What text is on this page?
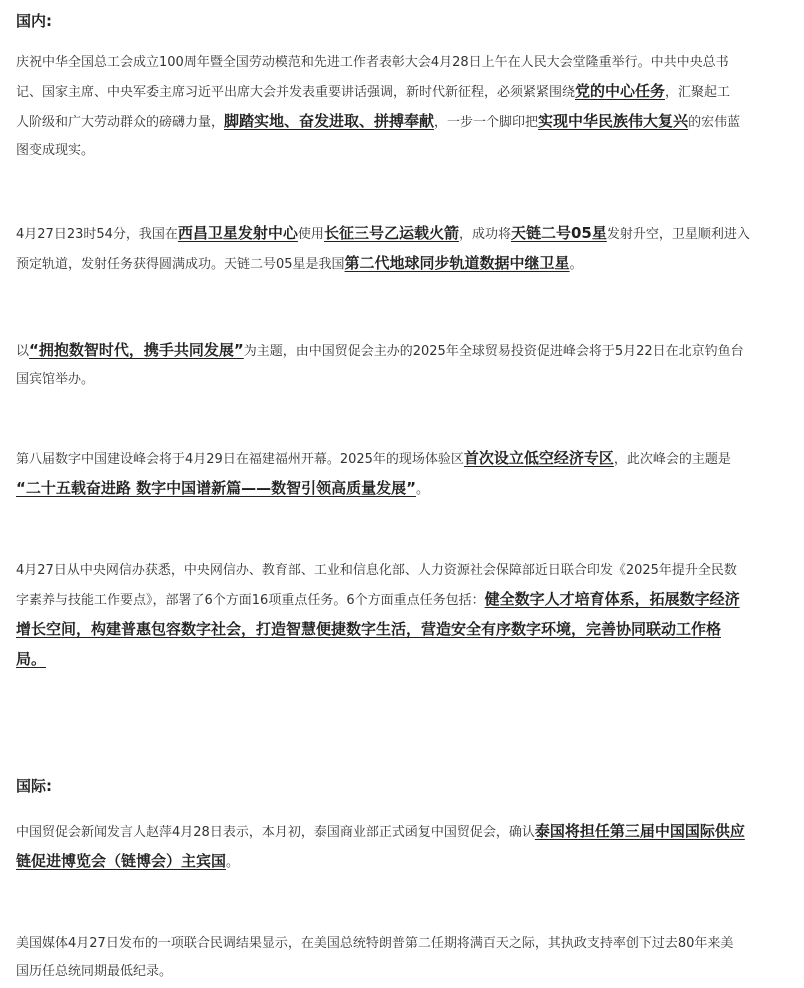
国内:
庆祝中华全国总工会成立100周年暨全国劳动模范和先进工作者表彰大会4月28日上午在人民大会堂隆重举行。中共中央总书
记、国家主席、中央军委主席习近平出席大会并发表重要讲话强调，新时代新征程，必须紧紧围绕党的中心任务，汇聚起工
人阶级和广大劳动群众的磅礴力量，脚踏实地、奋发进取、拼搏奉献，一步一个脚印把实现中华民族伟大复兴的宏伟蓝
图变成现实。
4月27日23时54分，我国在西昌卫星发射中心使用长征三号乙运载火箭，成功将天链二号05星发射升空，卫星顺利进入
预定轨道，发射任务获得圆满成功。天链二号05星是我国第二代地球同步轨道数据中继卫星。
以“拥抱数智时代，携手共同发展”为主题，由中国贸促会主办的2025年全球贸易投资促进峰会将于5月22日在北京钓鱼台
国宾馆举办。
第八届数字中国建设峰会将于4月29日在福建福州开幕。2025年的现场体验区首次设立低空经济专区，此次峰会的主题是
“二十五载奋进路 数字中国谱新篇——数智引领高质量发展”。
4月27日从中央网信办获悉，中央网信办、教育部、工业和信息化部、人力资源社会保障部近日联合印发《2025年提升全民数
字素养与技能工作要点》，部署了6个方面16项重点任务。6个方面重点任务包括：健全数字人才培育体系，拓展数字经济
增长空间，构建普惠包容数字社会，打造智慧便捷数字生活，营造安全有序数字环境，完善协同联动工作格
局。
国际:
中国贸促会新闻发言人赵萍4月28日表示，本月初，泰国商业部正式函复中国贸促会，确认泰国将担任第三届中国国际供应
链促进博览会（链博会）主宾国。
美国媒体4月27日发布的一项联合民调结果显示，在美国总统特朗普第二任期将满百天之际，其执政支持率创下过去80年来美
国历任总统同期最低纪录。
